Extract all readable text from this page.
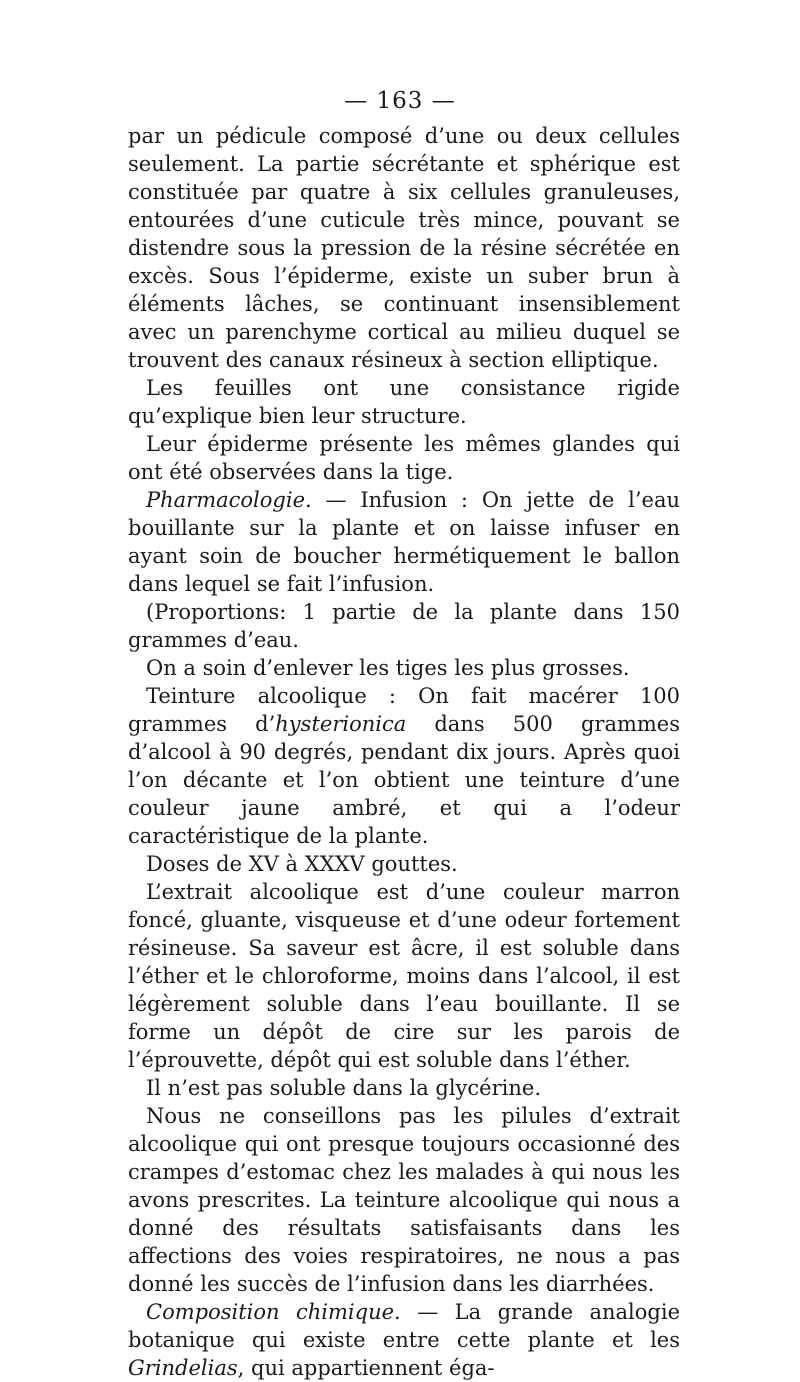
— 163 —

par un pédicule composé d’une ou deux cellules seulement. La partie sécrétante et sphérique est constituée par quatre à six cellules granuleuses, entourées d’une cuticule très mince, pouvant se distendre sous la pression de la résine sécrétée en excès. Sous l’épiderme, existe un suber brun à éléments lâches, se continuant insensiblement avec un parenchyme cortical au milieu duquel se trouvent des canaux résineux à section elliptique.

Les feuilles ont une consistance rigide qu’explique bien leur structure.

Leur épiderme présente les mêmes glandes qui ont été observées dans la tige.

Pharmacologie. — Infusion : On jette de l’eau bouillante sur la plante et on laisse infuser en ayant soin de boucher hermétiquement le ballon dans lequel se fait l’infusion.

(Proportions: 1 partie de la plante dans 150 grammes d’eau.

On a soin d’enlever les tiges les plus grosses.

Teinture alcoolique : On fait macérer 100 grammes d’hysterionica dans 500 grammes d’alcool à 90 degrés, pendant dix jours. Après quoi l’on décante et l’on obtient une teinture d’une couleur jaune ambré, et qui a l’odeur caractéristique de la plante.

Doses de XV à XXXV gouttes.

L’extrait alcoolique est d’une couleur marron foncé, gluante, visqueuse et d’une odeur fortement résineuse. Sa saveur est âcre, il est soluble dans l’éther et le chloroforme, moins dans l’alcool, il est légèrement soluble dans l’eau bouillante. Il se forme un dépôt de cire sur les parois de l’éprouvette, dépôt qui est soluble dans l’éther.

Il n’est pas soluble dans la glycérine.

Nous ne conseillons pas les pilules d’extrait alcoolique qui ont presque toujours occasionné des crampes d’estomac chez les malades à qui nous les avons prescrites. La teinture alcoolique qui nous a donné des résultats satisfaisants dans les affections des voies respiratoires, ne nous a pas donné les succès de l’infusion dans les diarrhées.

Composition chimique. — La grande analogie botanique qui existe entre cette plante et les Grindelias, qui appartiennent éga-
